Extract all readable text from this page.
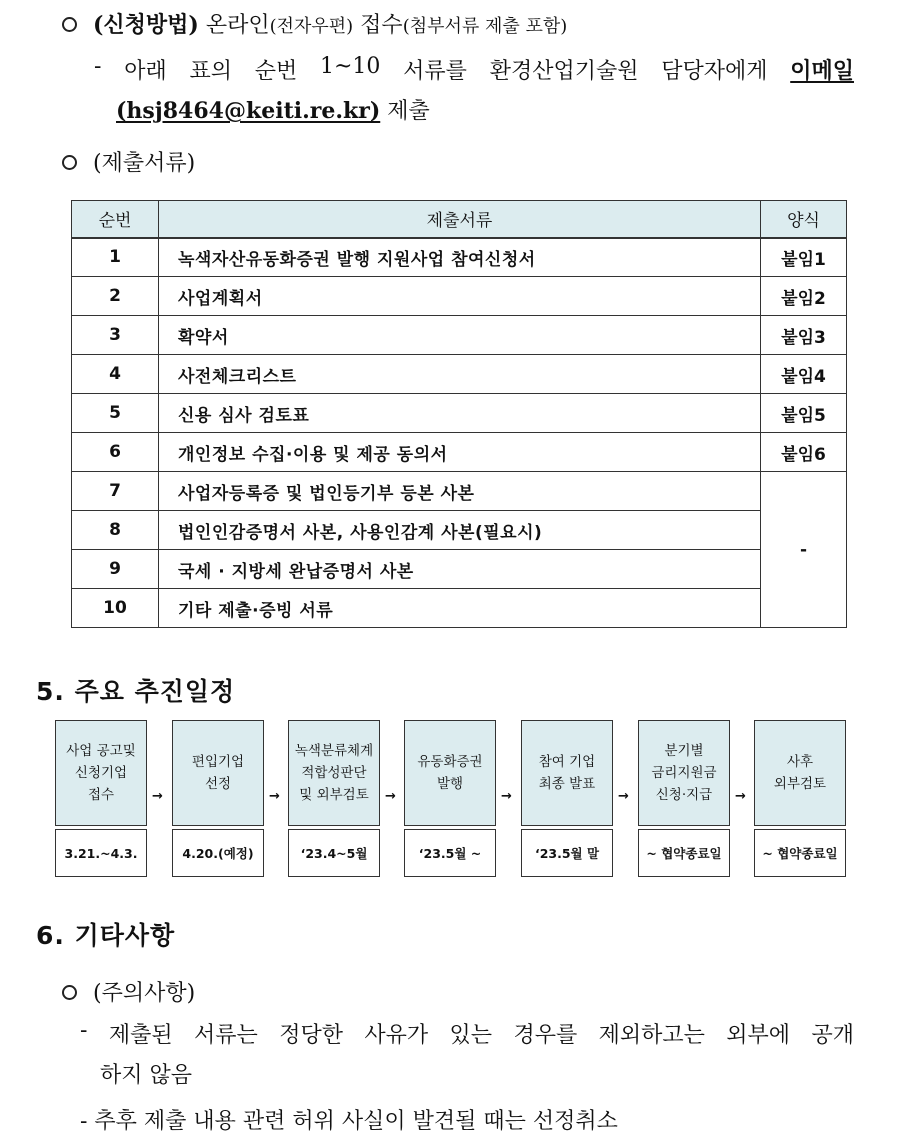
(신청방법) 온라인(전자우편) 접수(첨부서류 제출 포함)
- 아래 표의 순번 1~10 서류를 환경산업기술원 담당자에게 이메일
(hsj8464@keiti.re.kr) 제출
(제출서류)
순번	제출서류	양식
1	녹색자산유동화증권 발행 지원사업 참여신청서	붙임1
2	사업계획서	붙임2
3	확약서	붙임3
4	사전체크리스트	붙임4
5	신용 심사 검토표	붙임5
6	개인정보 수집·이용 및 제공 동의서	붙임6
7	사업자등록증 및 법인등기부 등본 사본	-
8	법인인감증명서 사본, 사용인감계 사본(필요시)	
9	국세 · 지방세 완납증명서 사본	
10	기타 제출·증빙 서류	
5. 주요 추진일정
사업 공고및
신청기업
접수
3.21.~4.3.
→
편입기업
선정
4.20.(예정)
→
녹색분류체계
적합성판단
및 외부검토
‘23.4~5월
→
유동화증권
발행
‘23.5월 ~
→
참여 기업
최종 발표
‘23.5월 말
→
분기별
금리지원금
신청·지급
~ 협약종료일
→
사후
외부검토
~ 협약종료일
6. 기타사항
(주의사항)
- 제출된 서류는 정당한 사유가 있는 경우를 제외하고는 외부에 공개
하지 않음
- 추후 제출 내용 관련 허위 사실이 발견될 때는 선정취소
